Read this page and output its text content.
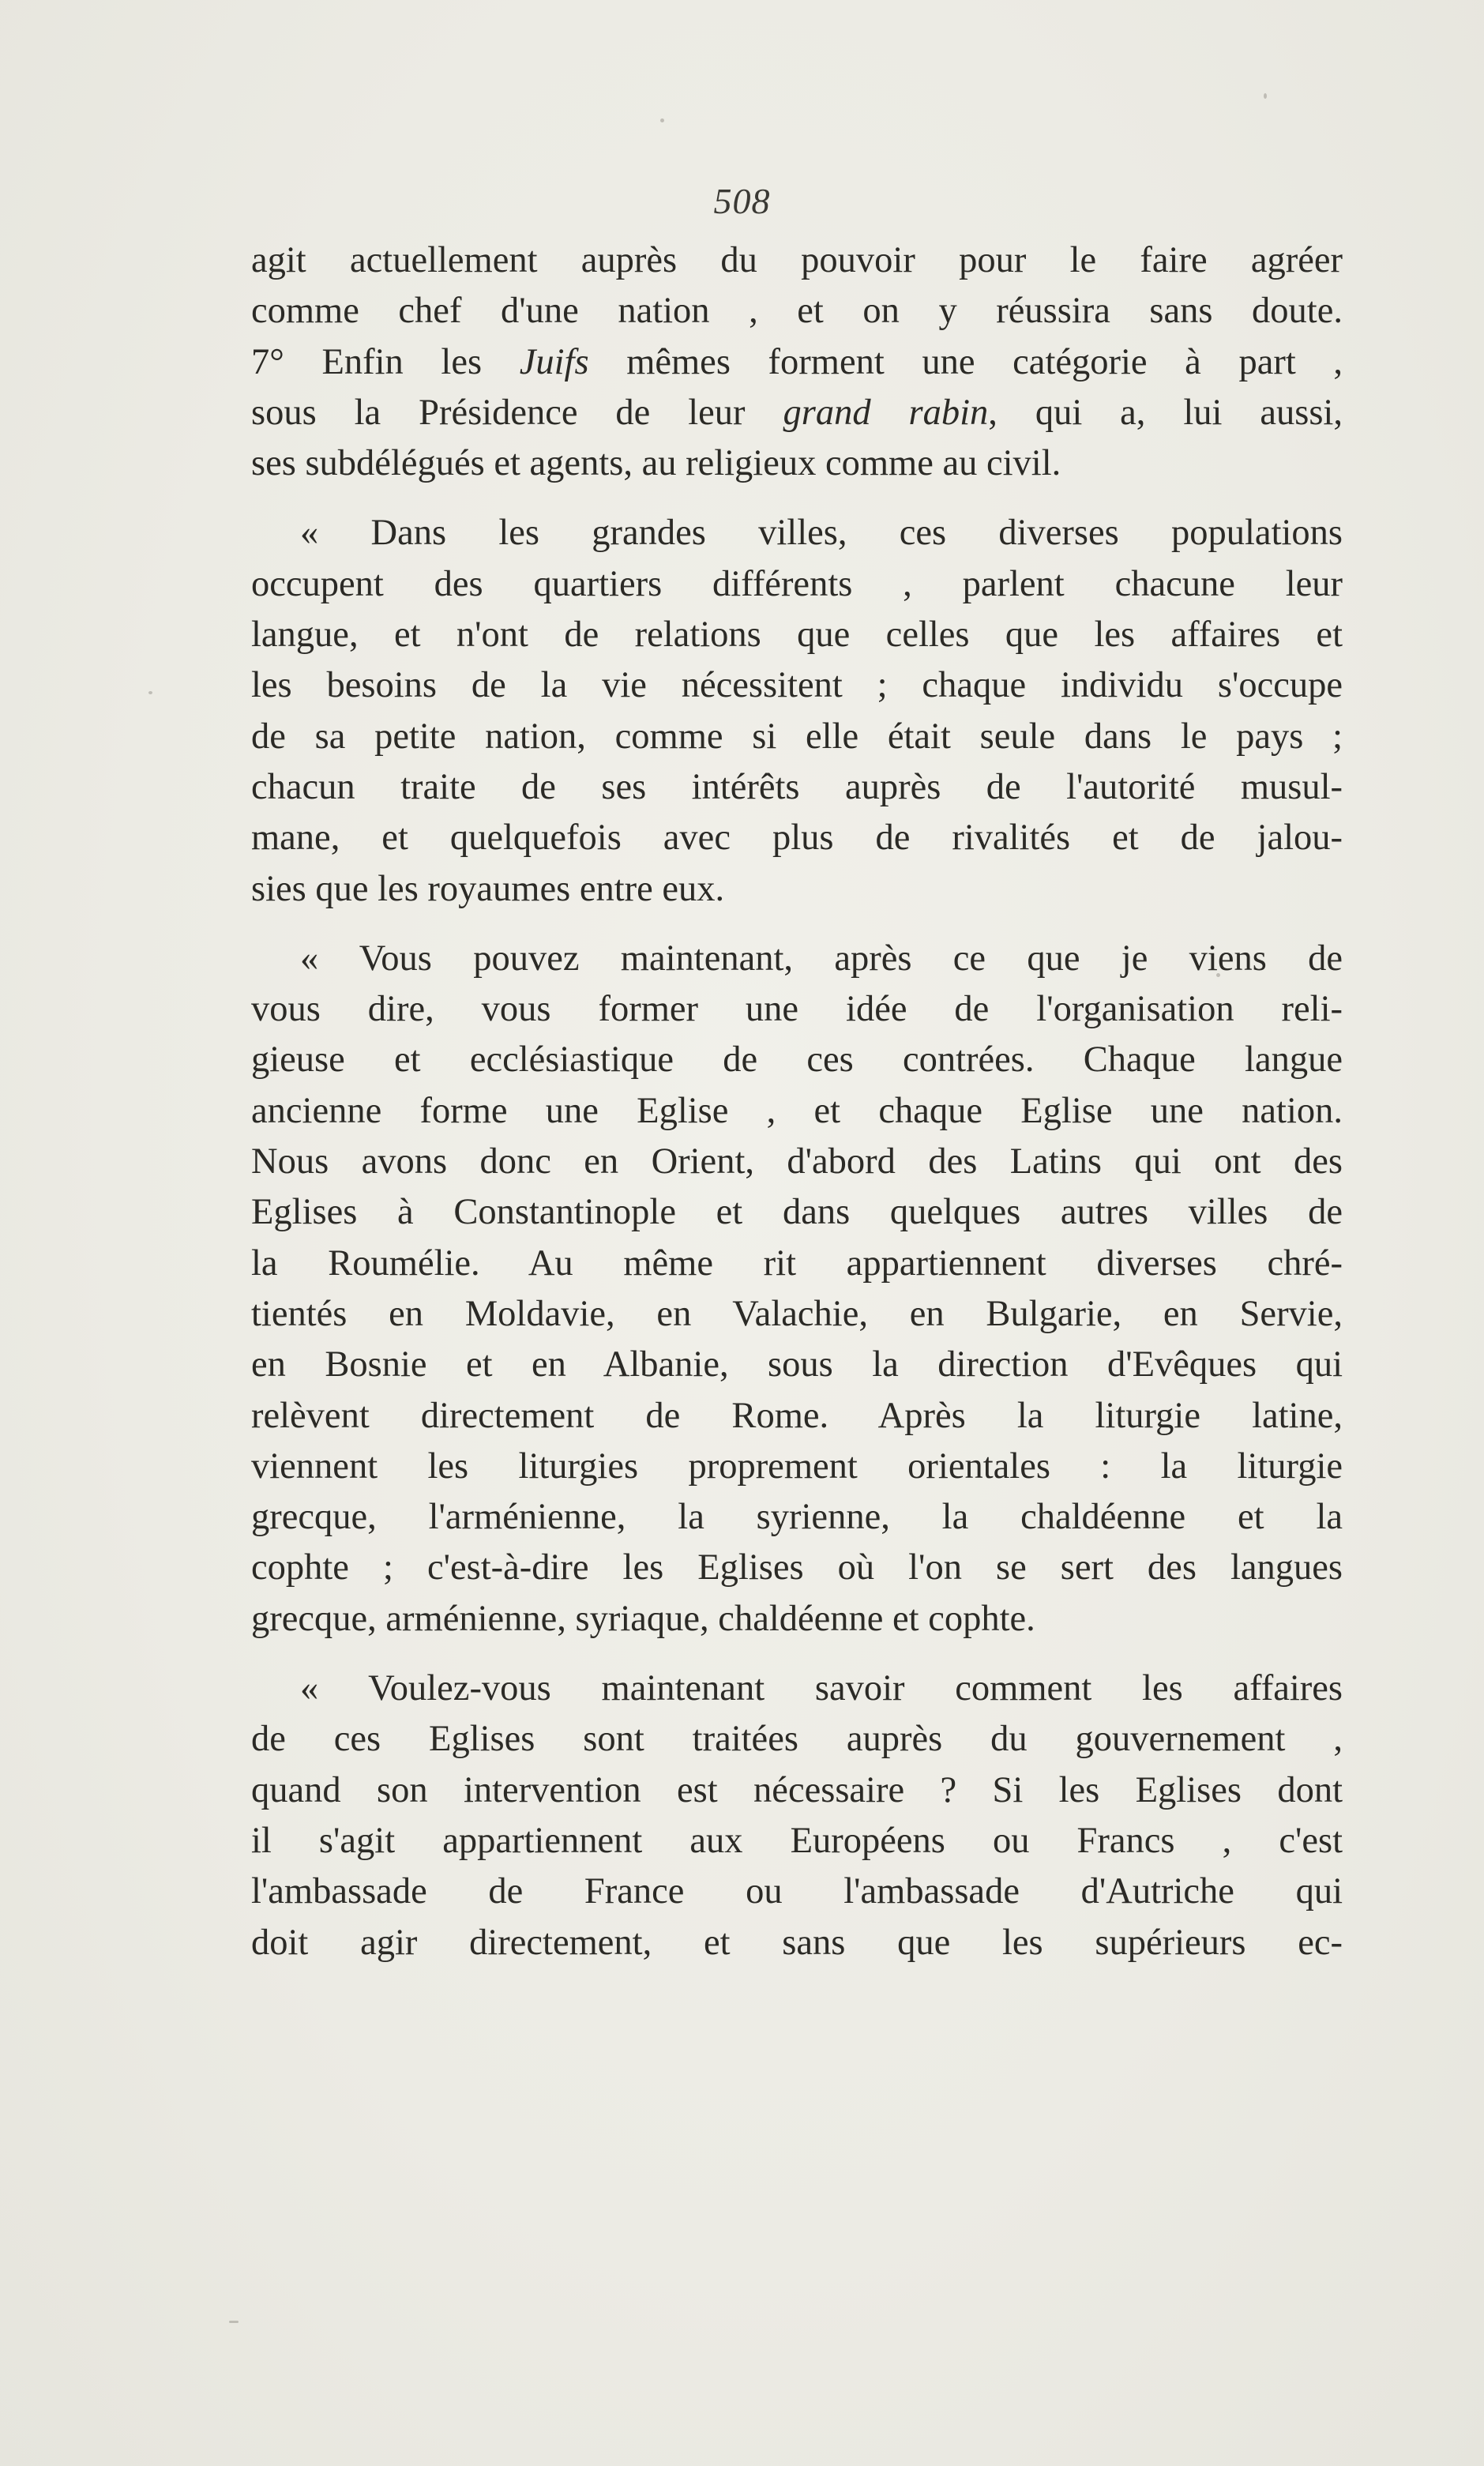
508

agit actuellement auprès du pouvoir pour le faire agréer
comme chef d'une nation , et on y réussira sans doute.
7° Enfin les Juifs mêmes forment une catégorie à part ,
sous la Présidence de leur grand rabin, qui a, lui aussi,
ses subdélégués et agents, au religieux comme au civil.

« Dans les grandes villes, ces diverses populations
occupent des quartiers différents , parlent chacune leur
langue, et n'ont de relations que celles que les affaires et
les besoins de la vie nécessitent ; chaque individu s'occupe
de sa petite nation, comme si elle était seule dans le pays ;
chacun traite de ses intérêts auprès de l'autorité musul-
mane, et quelquefois avec plus de rivalités et de jalou-
sies que les royaumes entre eux.

« Vous pouvez maintenant, après ce que je viens de
vous dire, vous former une idée de l'organisation reli-
gieuse et ecclésiastique de ces contrées. Chaque langue
ancienne forme une Eglise , et chaque Eglise une nation.
Nous avons donc en Orient, d'abord des Latins qui ont des
Eglises à Constantinople et dans quelques autres villes de
la Roumélie. Au même rit appartiennent diverses chré-
tientés en Moldavie, en Valachie, en Bulgarie, en Servie,
en Bosnie et en Albanie, sous la direction d'Evêques qui
relèvent directement de Rome. Après la liturgie latine,
viennent les liturgies proprement orientales : la liturgie
grecque, l'arménienne, la syrienne, la chaldéenne et la
cophte ; c'est-à-dire les Eglises où l'on se sert des langues
grecque, arménienne, syriaque, chaldéenne et cophte.

« Voulez-vous maintenant savoir comment les affaires
de ces Eglises sont traitées auprès du gouvernement ,
quand son intervention est nécessaire ? Si les Eglises dont
il s'agit appartiennent aux Européens ou Francs , c'est
l'ambassade de France ou l'ambassade d'Autriche qui
doit agir directement, et sans que les supérieurs ec-
